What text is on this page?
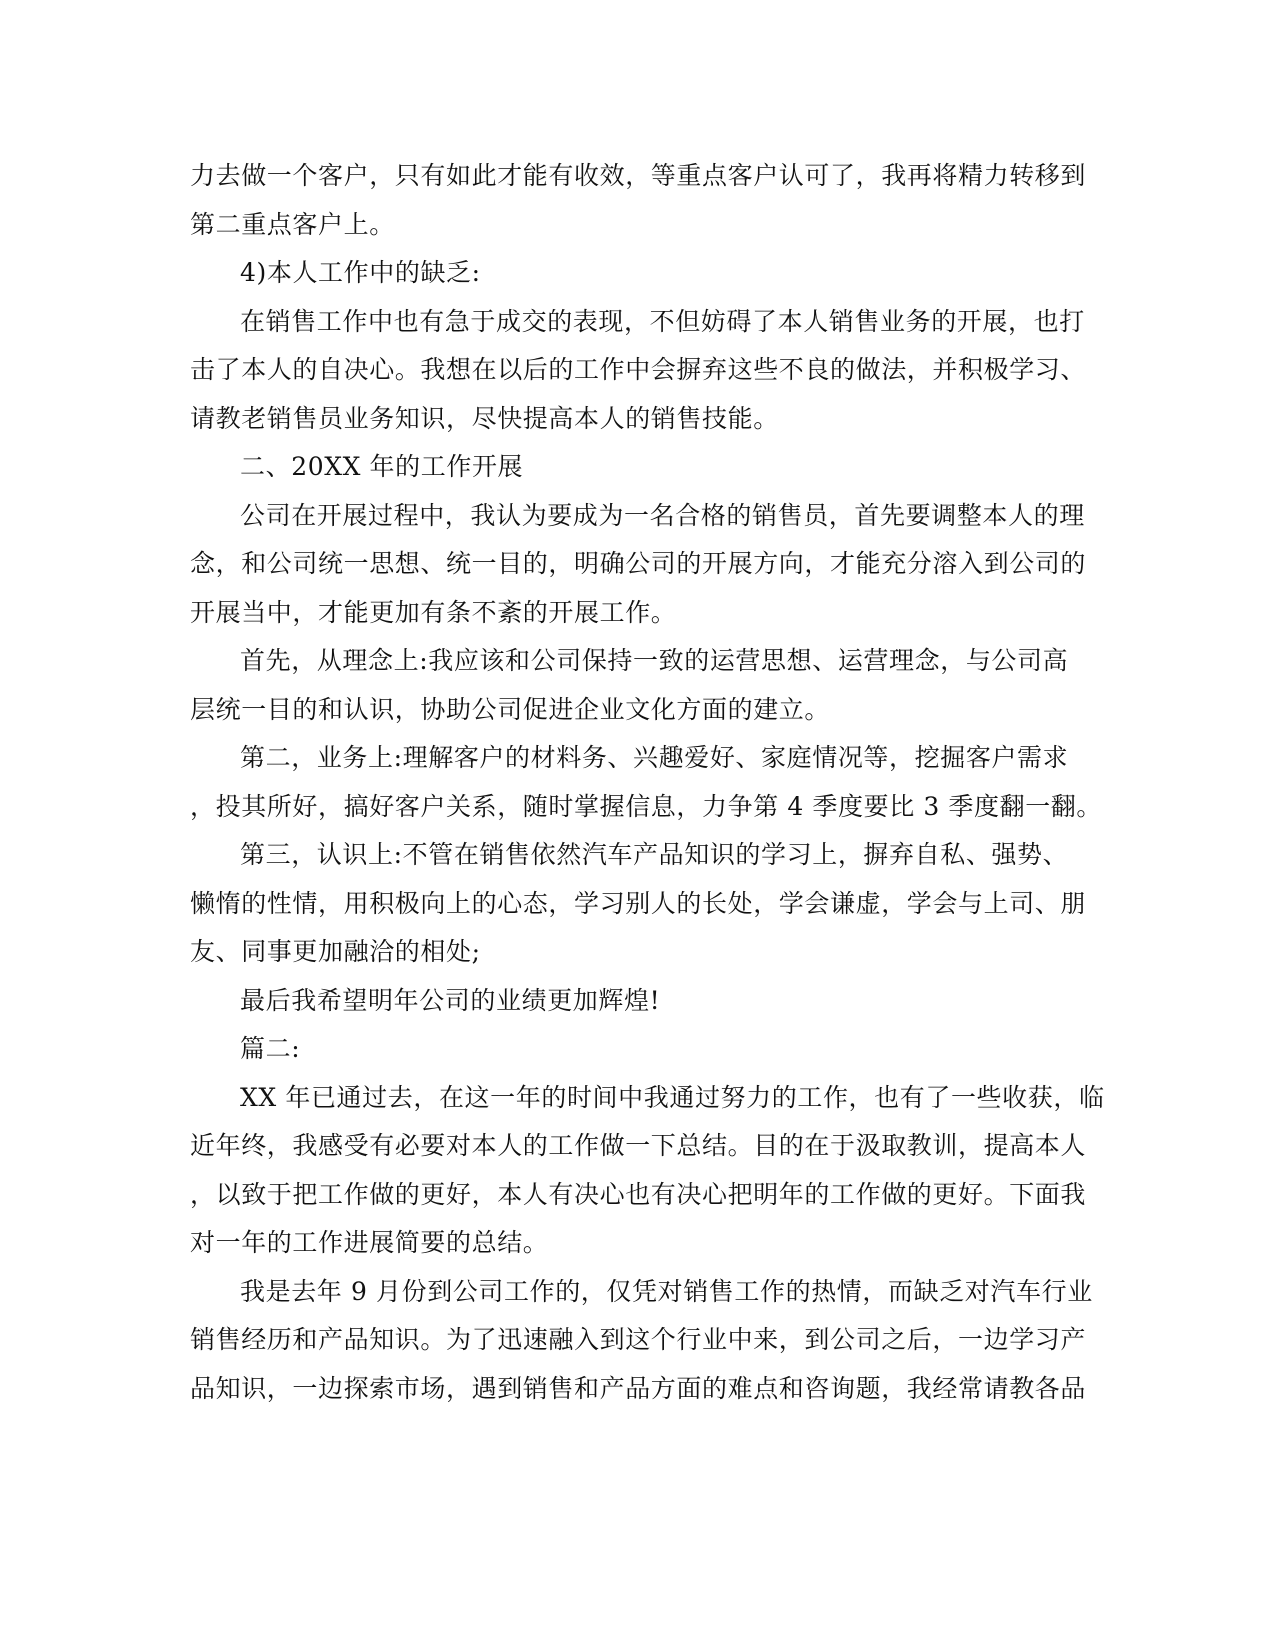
力去做一个客户，只有如此才能有收效，等重点客户认可了，我再将精力转移到
第二重点客户上。
4)本人工作中的缺乏:
在销售工作中也有急于成交的表现，不但妨碍了本人销售业务的开展，也打
击了本人的自决心。我想在以后的工作中会摒弃这些不良的做法，并积极学习、
请教老销售员业务知识，尽快提高本人的销售技能。
二、20XX 年的工作开展
公司在开展过程中，我认为要成为一名合格的销售员，首先要调整本人的理
念，和公司统一思想、统一目的，明确公司的开展方向，才能充分溶入到公司的
开展当中，才能更加有条不紊的开展工作。
首先，从理念上:我应该和公司保持一致的运营思想、运营理念，与公司高
层统一目的和认识，协助公司促进企业文化方面的建立。
第二，业务上:理解客户的材料务、兴趣爱好、家庭情况等，挖掘客户需求
，投其所好，搞好客户关系，随时掌握信息，力争第 4 季度要比 3 季度翻一翻。
第三，认识上:不管在销售依然汽车产品知识的学习上，摒弃自私、强势、
懒惰的性情，用积极向上的心态，学习别人的长处，学会谦虚，学会与上司、朋
友、同事更加融洽的相处;
最后我希望明年公司的业绩更加辉煌!
篇二:
XX 年已通过去，在这一年的时间中我通过努力的工作，也有了一些收获，临
近年终，我感受有必要对本人的工作做一下总结。目的在于汲取教训，提高本人
，以致于把工作做的更好，本人有决心也有决心把明年的工作做的更好。下面我
对一年的工作进展简要的总结。
我是去年 9 月份到公司工作的，仅凭对销售工作的热情，而缺乏对汽车行业
销售经历和产品知识。为了迅速融入到这个行业中来，到公司之后，一边学习产
品知识，一边探索市场，遇到销售和产品方面的难点和咨询题，我经常请教各品
